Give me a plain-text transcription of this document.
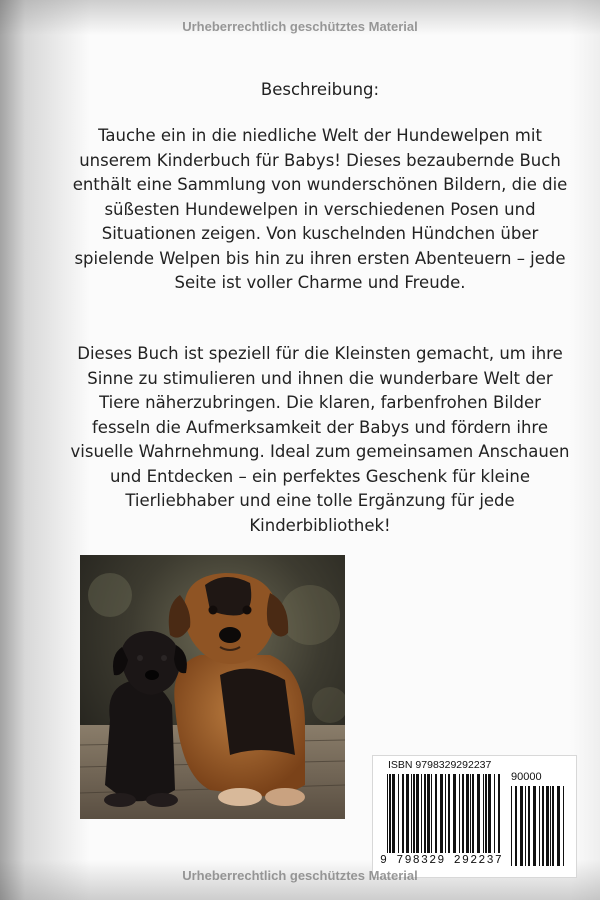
Urheberrechtlich geschütztes Material
Beschreibung:
Tauche ein in die niedliche Welt der Hundewelpen mit unserem Kinderbuch für Babys! Dieses bezaubernde Buch enthält eine Sammlung von wunderschönen Bildern, die die süßesten Hundewelpen in verschiedenen Posen und Situationen zeigen. Von kuschelnden Hündchen über spielende Welpen bis hin zu ihren ersten Abenteuern – jede Seite ist voller Charme und Freude.
Dieses Buch ist speziell für die Kleinsten gemacht, um ihre Sinne zu stimulieren und ihnen die wunderbare Welt der Tiere näherzubringen. Die klaren, farbenfrohen Bilder fesseln die Aufmerksamkeit der Babys und fördern ihre visuelle Wahrnehmung. Ideal zum gemeinsamen Anschauen und Entdecken – ein perfektes Geschenk für kleine Tierliebhaber und eine tolle Ergänzung für jede Kinderbibliothek!
ISBN 9798329292237
90000
9 798329 292237
Urheberrechtlich geschütztes Material
